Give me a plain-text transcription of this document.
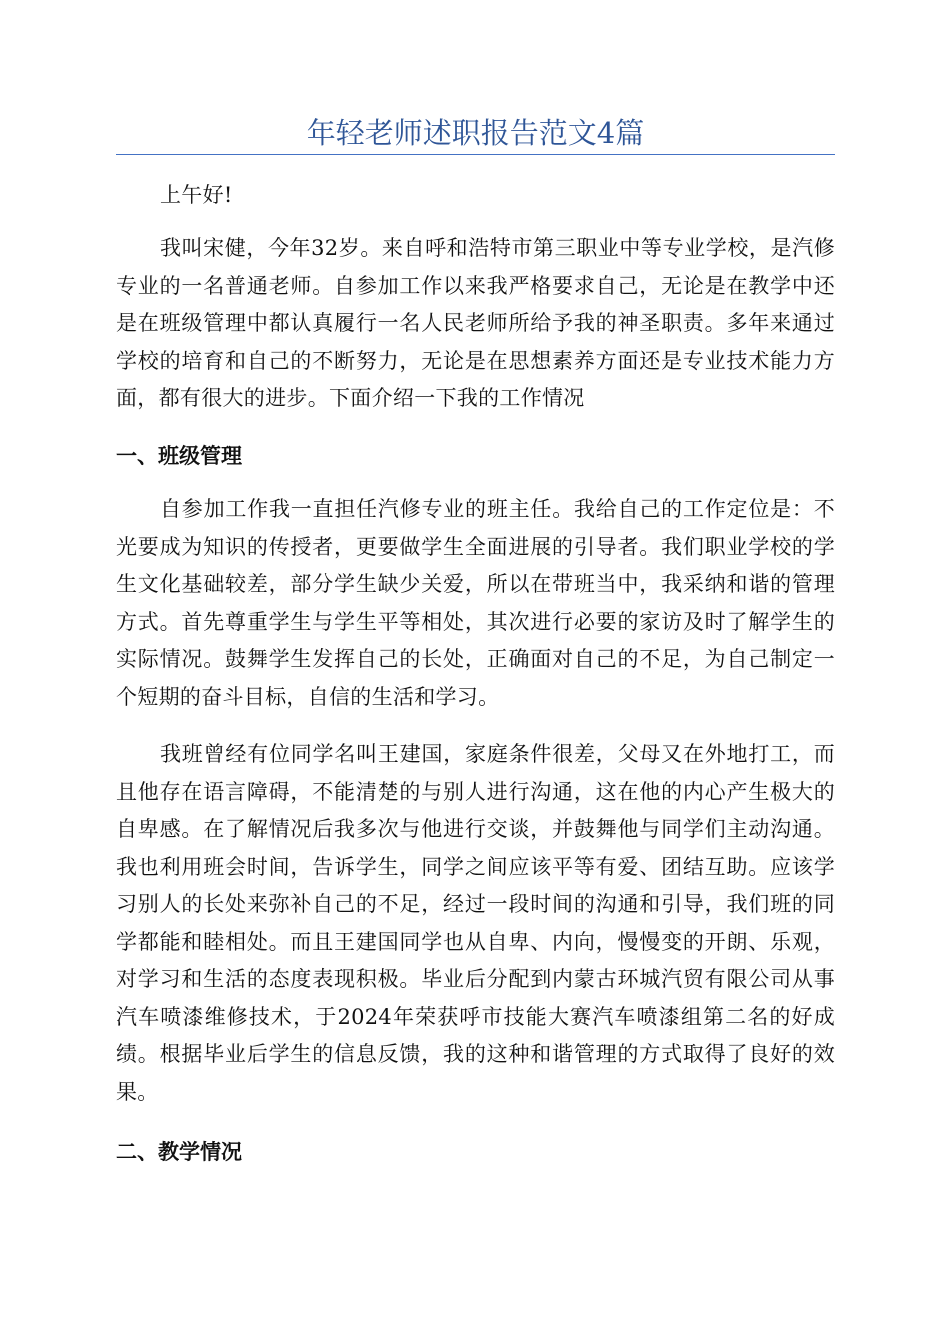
年轻老师述职报告范文4篇

上午好!

我叫宋健，今年32岁。来自呼和浩特市第三职业中等专业学校，是汽修专业的一名普通老师。自参加工作以来我严格要求自己，无论是在教学中还是在班级管理中都认真履行一名人民老师所给予我的神圣职责。多年来通过学校的培育和自己的不断努力，无论是在思想素养方面还是专业技术能力方面，都有很大的进步。下面介绍一下我的工作情况

一、班级管理

自参加工作我一直担任汽修专业的班主任。我给自己的工作定位是：不光要成为知识的传授者，更要做学生全面进展的引导者。我们职业学校的学生文化基础较差，部分学生缺少关爱，所以在带班当中，我采纳和谐的管理方式。首先尊重学生与学生平等相处，其次进行必要的家访及时了解学生的实际情况。鼓舞学生发挥自己的长处，正确面对自己的不足，为自己制定一个短期的奋斗目标，自信的生活和学习。

我班曾经有位同学名叫王建国，家庭条件很差，父母又在外地打工，而且他存在语言障碍，不能清楚的与别人进行沟通，这在他的内心产生极大的自卑感。在了解情况后我多次与他进行交谈，并鼓舞他与同学们主动沟通。我也利用班会时间，告诉学生，同学之间应该平等有爱、团结互助。应该学习别人的长处来弥补自己的不足，经过一段时间的沟通和引导，我们班的同学都能和睦相处。而且王建国同学也从自卑、内向，慢慢变的开朗、乐观，对学习和生活的态度表现积极。毕业后分配到内蒙古环城汽贸有限公司从事汽车喷漆维修技术，于2024年荣获呼市技能大赛汽车喷漆组第二名的好成绩。根据毕业后学生的信息反馈，我的这种和谐管理的方式取得了良好的效果。

二、教学情况
